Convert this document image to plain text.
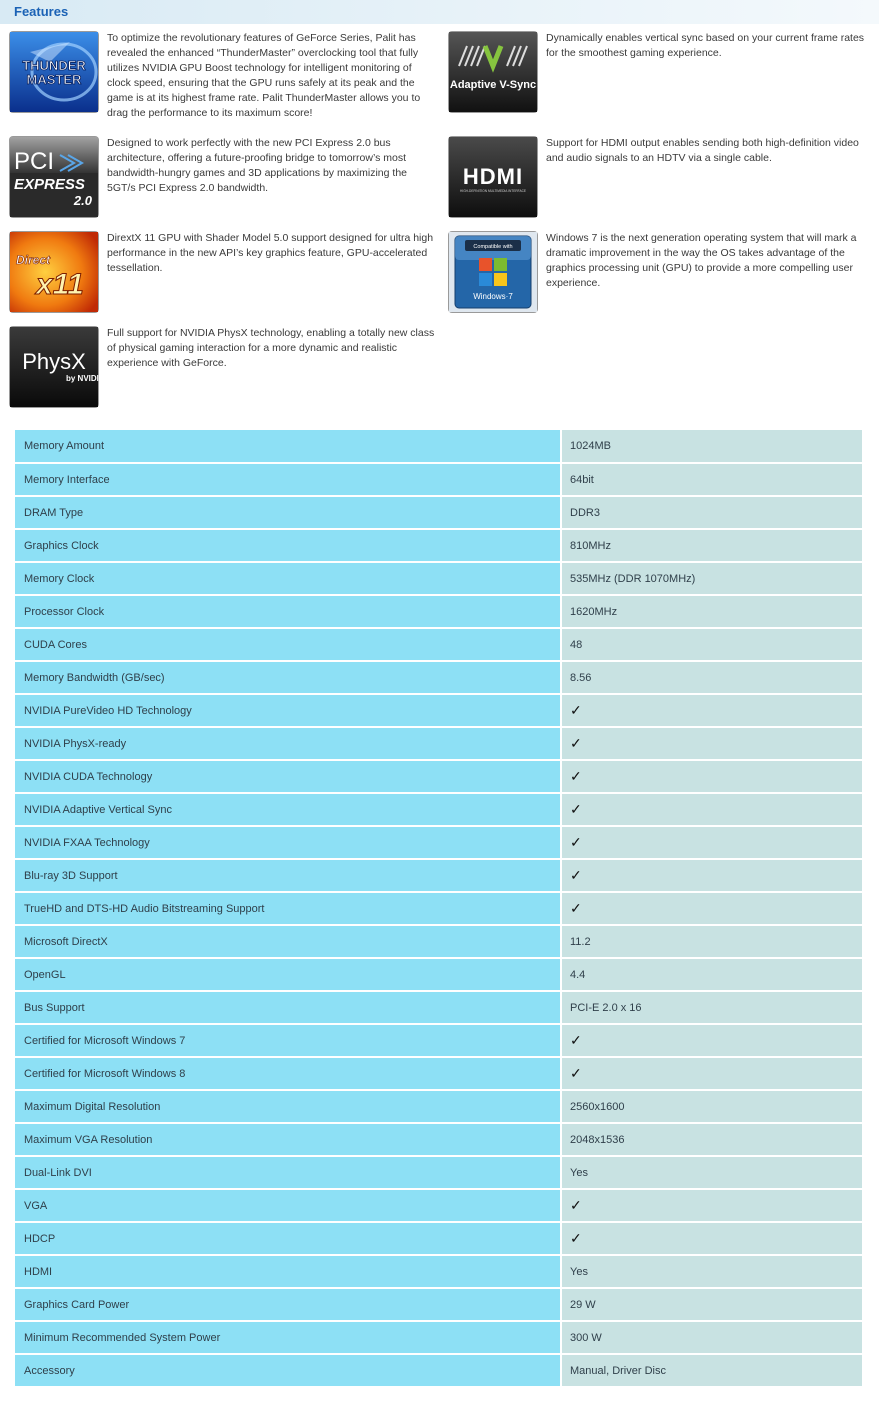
Features
THUNDER
MASTER
To optimize the revolutionary features of GeForce Series, Palit has revealed the enhanced “ThunderMaster” overclocking tool that fully utilizes NVIDIA GPU Boost technology for intelligent monitoring of clock speed, ensuring that the GPU runs safely at its peak and the game is at its highest frame rate. Palit ThunderMaster allows you to drag the performance to its maximum score!
Adaptive V-Sync
Dynamically enables vertical sync based on your current frame rates for the smoothest gaming experience.
PCI
EXPRESS
2.0
Designed to work perfectly with the new PCI Express 2.0 bus architecture, offering a future-proofing bridge to tomorrow’s most bandwidth-hungry games and 3D applications by maximizing the 5GT/s PCI Express 2.0 bandwidth.	HDMI
HIGH-DEFINITION MULTIMEDIA INTERFACE
Support for HDMI output enables sending both high-definition video and audio signals to an HDTV via a single cable.
Direct
x11
DirextX 11 GPU with Shader Model 5.0 support designed for ultra high performance in the new API’s key graphics feature, GPU-accelerated tessellation.
Compatible with
Windows·7
Windows 7 is the next generation operating system that will mark a dramatic improvement in the way the OS takes advantage of the graphics processing unit (GPU) to provide a more compelling user experience.
PhysX
by NVIDIA
Full support for NVIDIA PhysX technology, enabling a totally new class of physical gaming interaction for a more dynamic and realistic experience with GeForce.
Memory Amount	1024MB
Memory Interface	64bit
DRAM Type	DDR3
Graphics Clock	810MHz
Memory Clock	535MHz (DDR 1070MHz)
Processor Clock	1620MHz
CUDA Cores	48
Memory Bandwidth (GB/sec)	8.56
NVIDIA PureVideo HD Technology	✓
NVIDIA PhysX-ready	✓
NVIDIA CUDA Technology	✓
NVIDIA Adaptive Vertical Sync	✓
NVIDIA FXAA Technology	✓
Blu-ray 3D Support	✓
TrueHD and DTS-HD Audio Bitstreaming Support	✓
Microsoft DirectX	11.2
OpenGL	4.4
Bus Support	PCI-E 2.0 x 16
Certified for Microsoft Windows 7	✓
Certified for Microsoft Windows 8	✓
Maximum Digital Resolution	2560x1600
Maximum VGA Resolution	2048x1536
Dual-Link DVI	Yes
VGA	✓
HDCP	✓
HDMI	Yes
Graphics Card Power	29 W
Minimum Recommended System Power	300 W
Accessory	Manual, Driver Disc
